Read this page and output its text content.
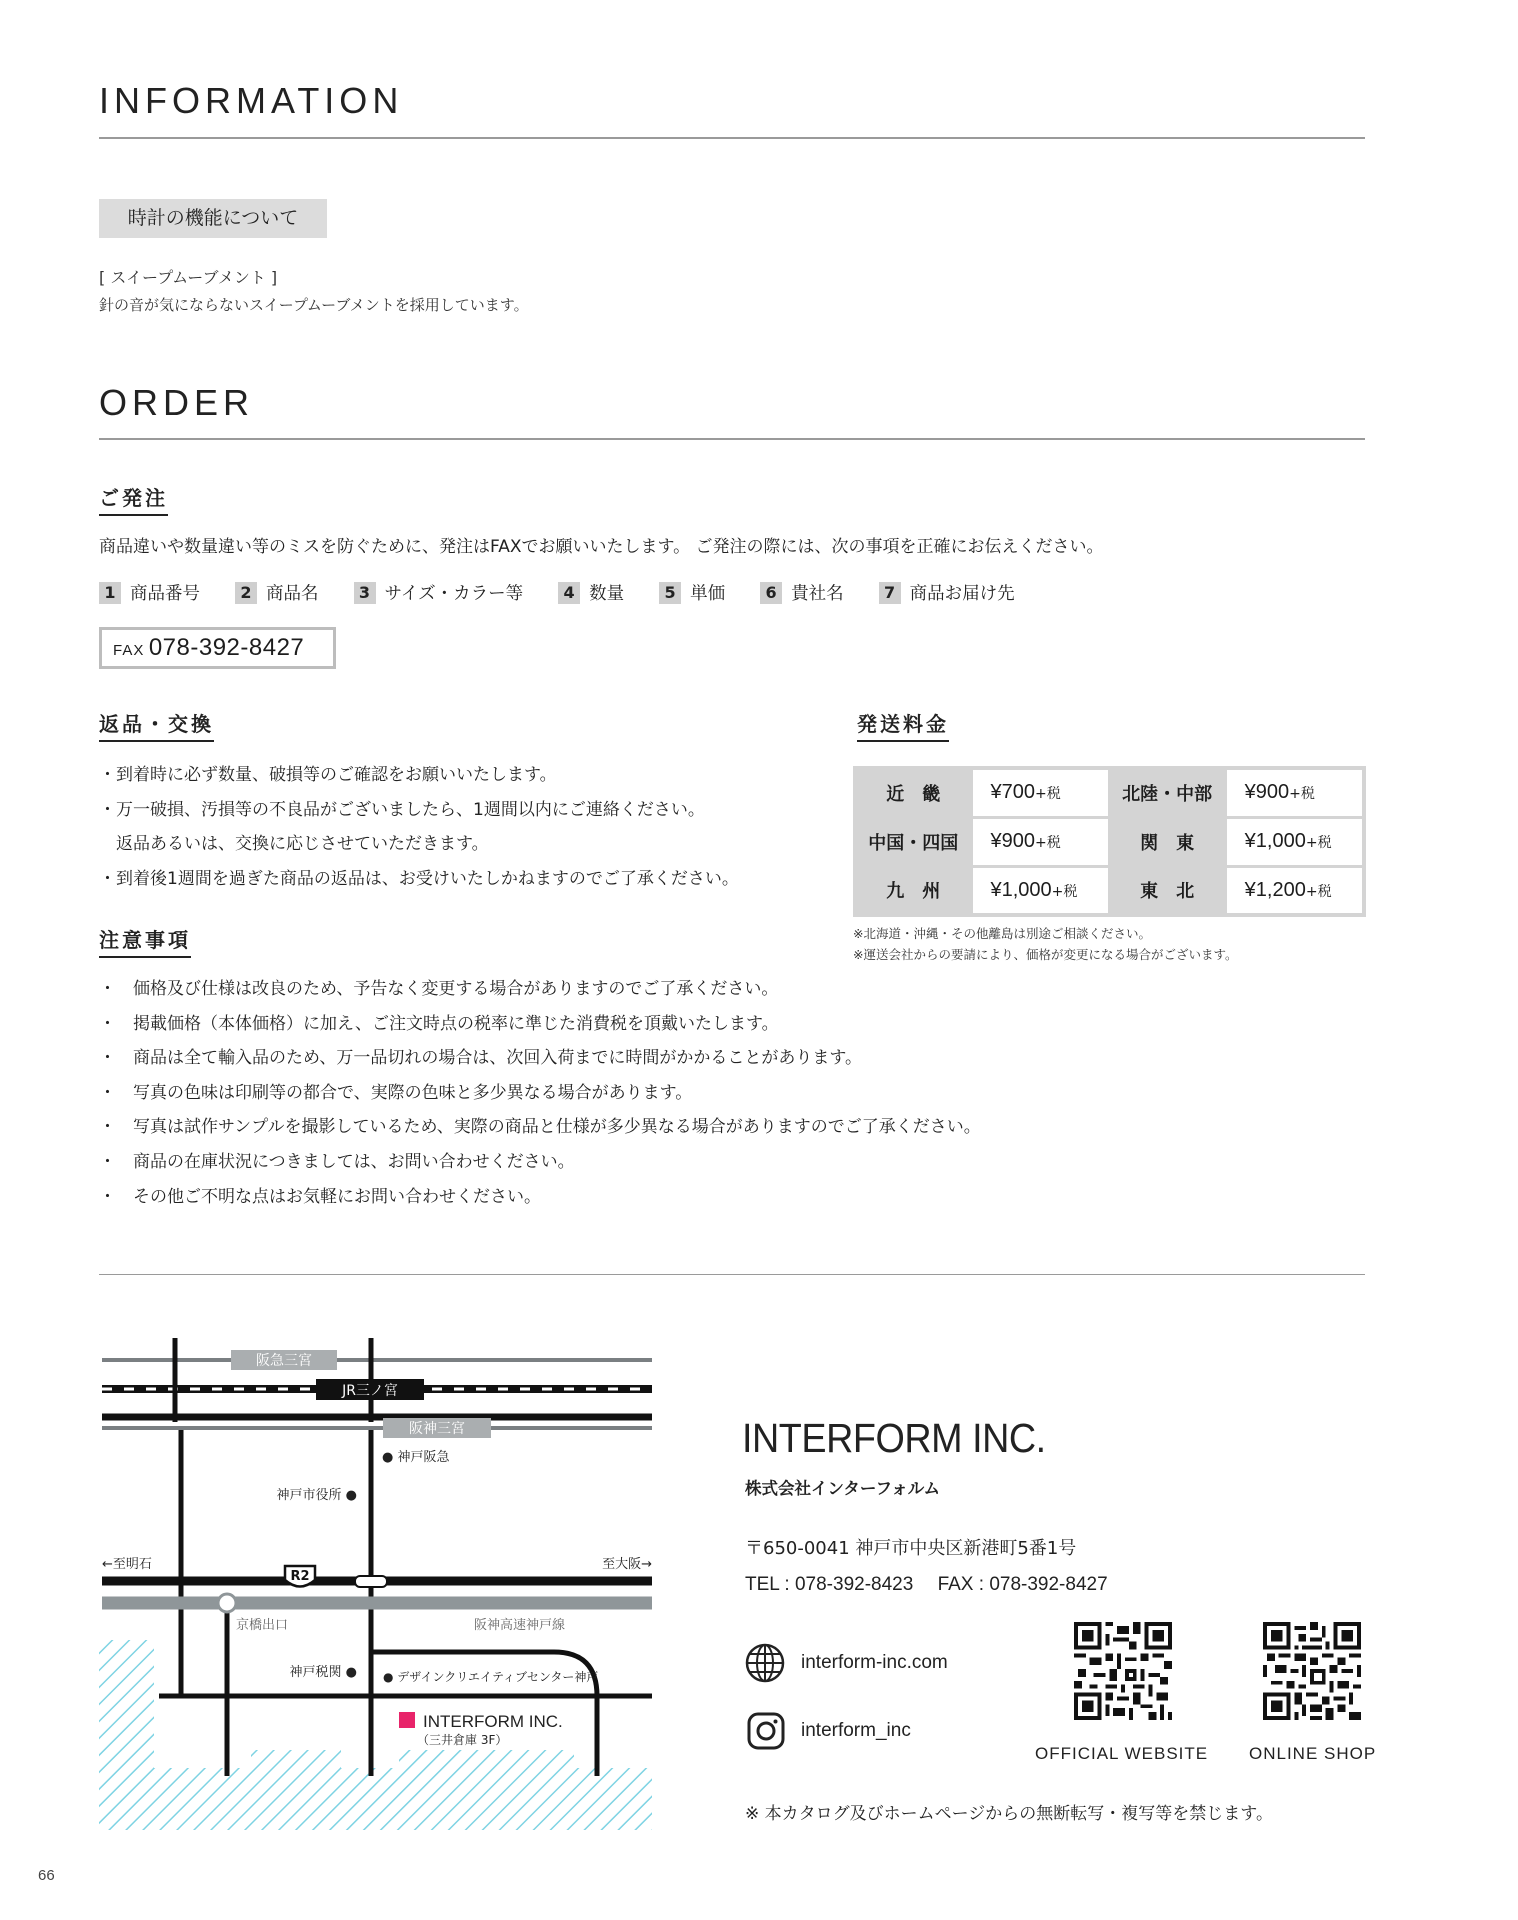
INFORMATION
時計の機能について
[ スイープムーブメント ]
針の音が気にならないスイープムーブメントを採用しています。
ORDER
ご発注
商品違いや数量違い等のミスを防ぐために、発注はFAXでお願いいたします。 ご発注の際には、次の事項を正確にお伝えください。
1 商品番号	2 商品名	3 サイズ・カラー等	4 数量	5 単価	6 貴社名	7 商品お届け先
FAX 078-392-8427
返品・交換
・到着時に必ず数量、破損等のご確認をお願いいたします。
・万一破損、汚損等の不良品がございましたら、1週間以内にご連絡ください。
　返品あるいは、交換に応じさせていただきます。
・到着後1週間を過ぎた商品の返品は、お受けいたしかねますのでご了承ください。
発送料金
近　畿	¥700+税	北陸・中部	¥900+税
中国・四国	¥900+税	関　東	¥1,000+税
九　州	¥1,000+税	東　北	¥1,200+税
※北海道・沖縄・その他離島は別途ご相談ください。
※運送会社からの要請により、価格が変更になる場合がございます。
注意事項
・　価格及び仕様は改良のため、予告なく変更する場合がありますのでご了承ください。
・　掲載価格（本体価格）に加え、ご注文時点の税率に準じた消費税を頂戴いたします。
・　商品は全て輸入品のため、万一品切れの場合は、次回入荷までに時間がかかることがあります。
・　写真の色味は印刷等の都合で、実際の色味と多少異なる場合があります。
・　写真は試作サンプルを撮影しているため、実際の商品と仕様が多少異なる場合がありますのでご了承ください。
・　商品の在庫状況につきましては、お問い合わせください。
・　その他ご不明な点はお気軽にお問い合わせください。
阪急三宮
JR三ノ宮
阪神三宮
● 神戸阪急
神戸市役所 ●
←至明石	至大阪→
R2
京橋出口	阪神高速神戸線
神戸税関 ● ● デザインクリエイティブセンター神戸
INTERFORM INC.
（三井倉庫 3F）
INTERFORM INC.
株式会社インターフォルム
〒650-0041 神戸市中央区新港町5番1号
TEL : 078-392-8423　 FAX : 078-392-8427
interform-inc.com
interform_inc
OFFICIAL WEBSITE ONLINE SHOP
※ 本カタログ及びホームページからの無断転写・複写等を禁じます。
66
